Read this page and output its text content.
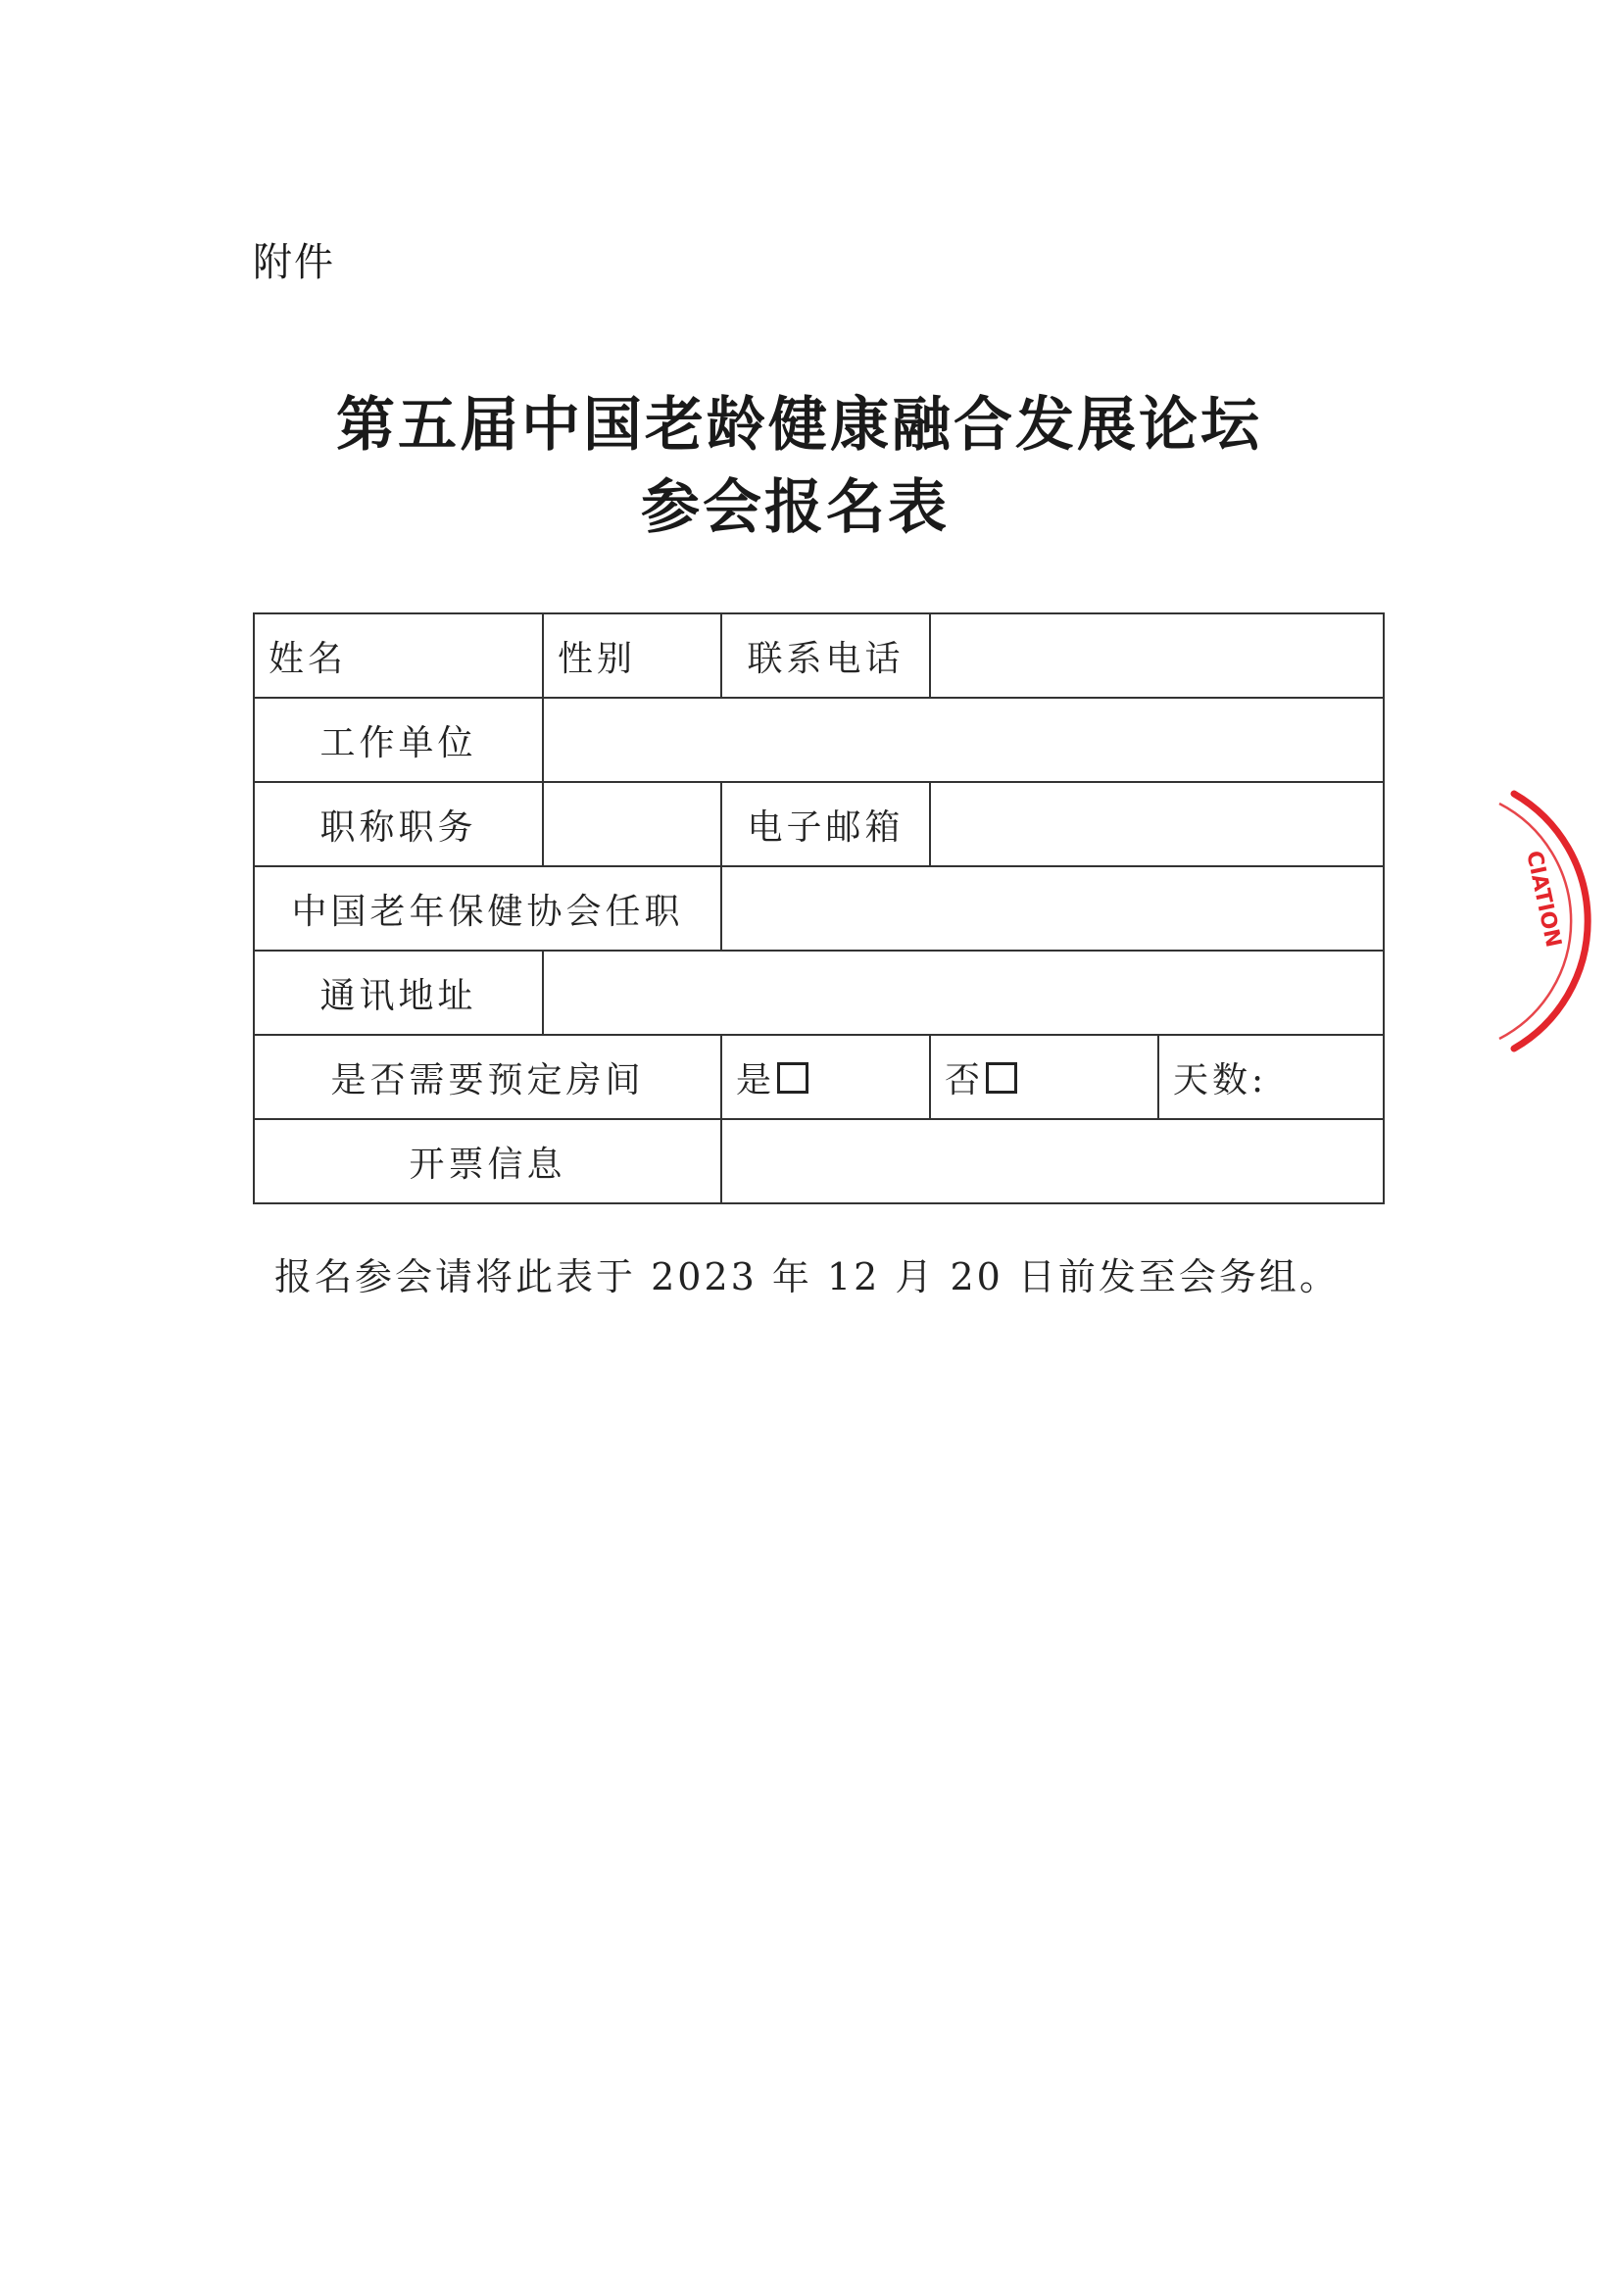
附件
第五届中国老龄健康融合发展论坛
参会报名表
姓名	性别	联系电话		
工作单位				
职称职务		电子邮箱		
中国老年保健协会任职				
通讯地址				
是否需要预定房间		是	否	天数:
开票信息				
报名参会请将此表于 2023 年 12 月 20 日前发至会务组。
CIATION
